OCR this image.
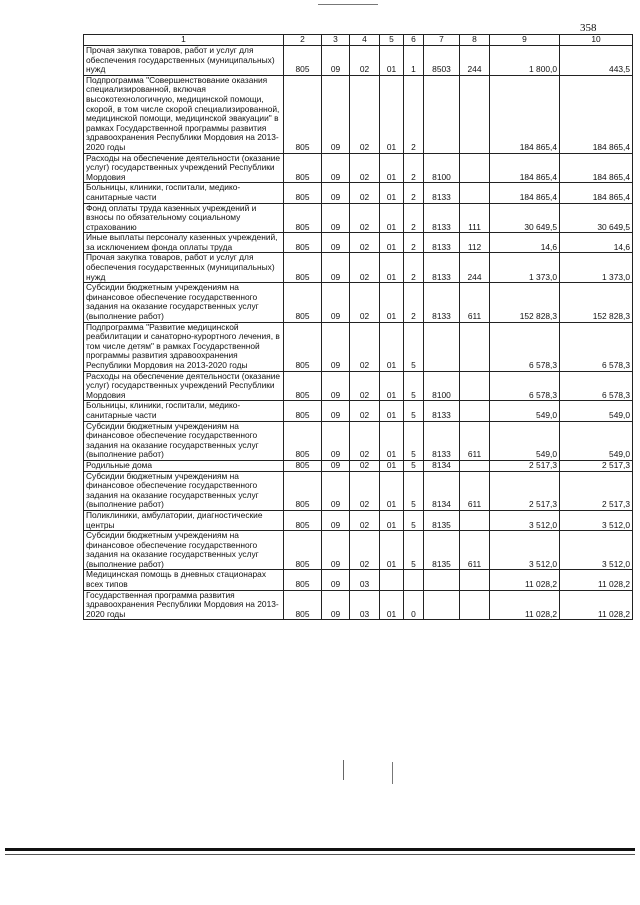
358
1	2	3	4	5	6	7	8	9	10
Прочая закупка товаров, работ и услуг для обеспечения государственных (муниципальных) нужд	805	09	02	01	1	8503	244	1 800,0	443,5
Подпрограмма "Совершенствование оказания специализированной, включая высокотехнологичную, медицинской помощи, скорой, в том числе скорой специализированной, медицинской помощи, медицинской эвакуации" в рамках Государственной программы развития здравоохранения Республики Мордовия на 2013-2020 годы	805	09	02	01	2			184 865,4	184 865,4
Расходы на обеспечение деятельности (оказание услуг) государственных учреждений Республики Мордовия	805	09	02	01	2	8100		184 865,4	184 865,4
Больницы, клиники, госпитали, медико-санитарные части	805	09	02	01	2	8133		184 865,4	184 865,4
Фонд оплаты труда казенных учреждений и взносы по обязательному социальному страхованию	805	09	02	01	2	8133	111	30 649,5	30 649,5
Иные выплаты персоналу казенных учреждений, за исключением фонда оплаты труда	805	09	02	01	2	8133	112	14,6	14,6
Прочая закупка товаров, работ и услуг для обеспечения государственных (муниципальных) нужд	805	09	02	01	2	8133	244	1 373,0	1 373,0
Субсидии бюджетным учреждениям на финансовое обеспечение государственного задания на оказание государственных услуг (выполнение работ)	805	09	02	01	2	8133	611	152 828,3	152 828,3
Подпрограмма "Развитие медицинской реабилитации и санаторно-курортного лечения, в том числе детям" в рамках Государственной программы развития здравоохранения Республики Мордовия на 2013-2020 годы	805	09	02	01	5			6 578,3	6 578,3
Расходы на обеспечение деятельности (оказание услуг) государственных учреждений Республики Мордовия	805	09	02	01	5	8100		6 578,3	6 578,3
Больницы, клиники, госпитали, медико-санитарные части	805	09	02	01	5	8133		549,0	549,0
Субсидии бюджетным учреждениям на финансовое обеспечение государственного задания на оказание государственных услуг (выполнение работ)	805	09	02	01	5	8133	611	549,0	549,0
Родильные дома	805	09	02	01	5	8134		2 517,3	2 517,3
Субсидии бюджетным учреждениям на финансовое обеспечение государственного задания на оказание государственных услуг (выполнение работ)	805	09	02	01	5	8134	611	2 517,3	2 517,3
Поликлиники, амбулатории, диагностические центры	805	09	02	01	5	8135		3 512,0	3 512,0
Субсидии бюджетным учреждениям на финансовое обеспечение государственного задания на оказание государственных услуг (выполнение работ)	805	09	02	01	5	8135	611	3 512,0	3 512,0
Медицинская помощь в дневных стационарах всех типов	805	09	03					11 028,2	11 028,2
Государственная программа развития здравоохранения Республики Мордовия на 2013-2020 годы	805	09	03	01	0			11 028,2	11 028,2
